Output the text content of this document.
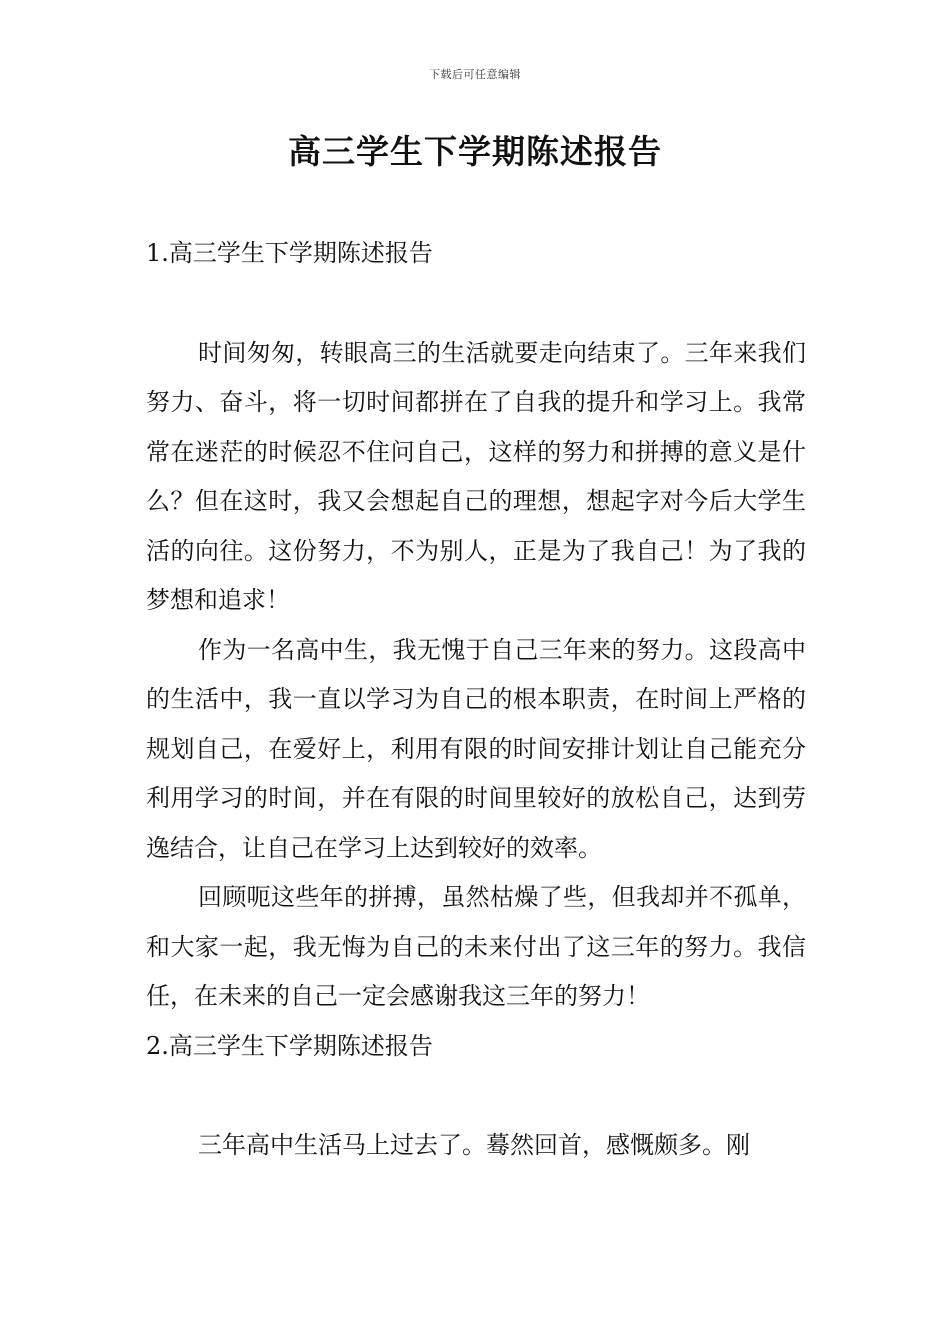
下载后可任意编辑
高三学生下学期陈述报告
1.高三学生下学期陈述报告

时间匆匆，转眼高三的生活就要走向结束了。三年来我们努力、奋斗，将一切时间都拼在了自我的提升和学习上。我常常在迷茫的时候忍不住问自己，这样的努力和拼搏的意义是什么？但在这时，我又会想起自己的理想，想起字对今后大学生活的向往。这份努力，不为别人，正是为了我自己！为了我的梦想和追求！

作为一名高中生，我无愧于自己三年来的努力。这段高中的生活中，我一直以学习为自己的根本职责，在时间上严格的规划自己，在爱好上，利用有限的时间安排计划让自己能充分利用学习的时间，并在有限的时间里较好的放松自己，达到劳逸结合，让自己在学习上达到较好的效率。

回顾呃这些年的拼搏，虽然枯燥了些，但我却并不孤单，和大家一起，我无悔为自己的未来付出了这三年的努力。我信任，在未来的自己一定会感谢我这三年的努力！

2.高三学生下学期陈述报告

三年高中生活马上过去了。蓦然回首，感慨颇多。刚
